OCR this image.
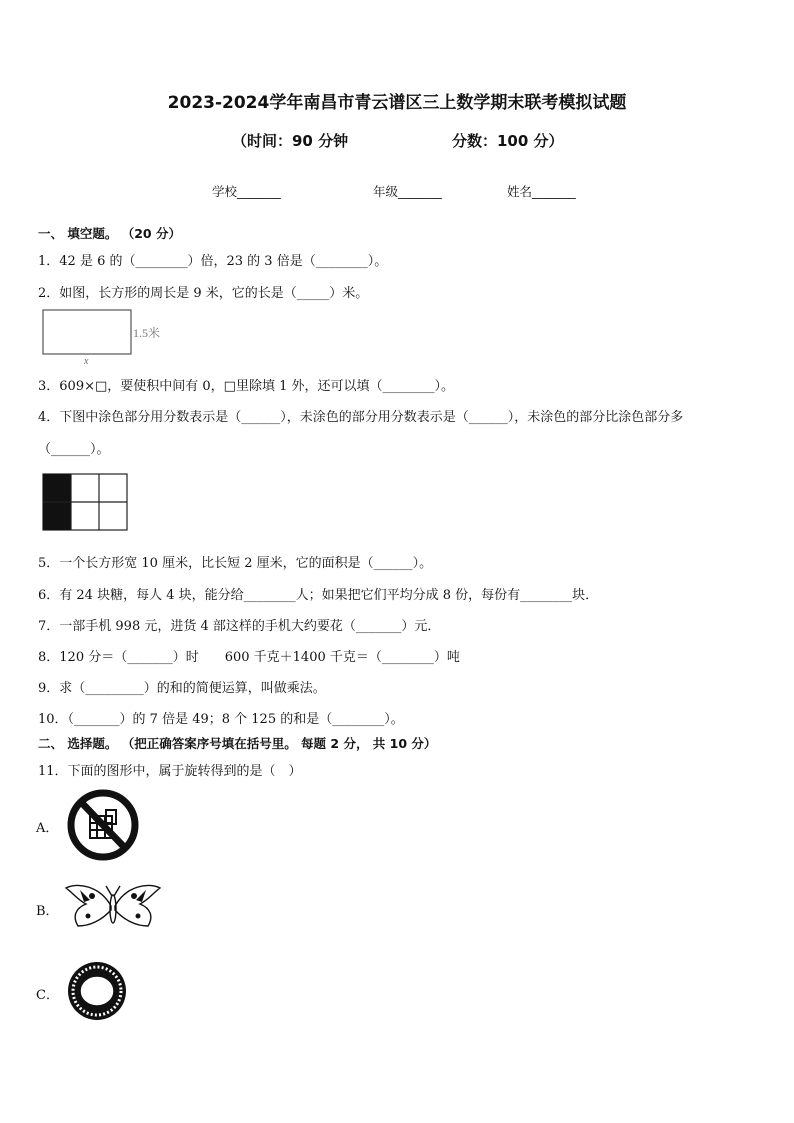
2023-2024学年南昌市青云谱区三上数学期末联考模拟试题
（时间：90 分钟	分数：100 分）
学校_______	年级_______	姓名_______
一、 填空题。 （20 分）
1．42 是 6 的（________）倍，23 的 3 倍是（________）。
2．如图，长方形的周长是 9 米，它的长是（_____）米。
1.5米
x
3．609×□，要使积中间有 0，□里除填 1 外，还可以填（________）。
4．下图中涂色部分用分数表示是（______），未涂色的部分用分数表示是（______），未涂色的部分比涂色部分多
（______）。
5．一个长方形宽 10 厘米，比长短 2 厘米，它的面积是（______）。
6．有 24 块糖，每人 4 块，能分给________人；如果把它们平均分成 8 份，每份有________块．
7．一部手机 998 元，进货 4 部这样的手机大约要花（_______）元．
8．120 分＝（_______）时　　600 千克＋1400 千克＝（________）吨
9．求（_________）的和的简便运算，叫做乘法。
10．（_______）的 7 倍是 49；8 个 125 的和是（________）。
二、 选择题。 （把正确答案序号填在括号里。 每题 2 分， 共 10 分）
11．下面的图形中，属于旋转得到的是（　）
A．
B．
C．
